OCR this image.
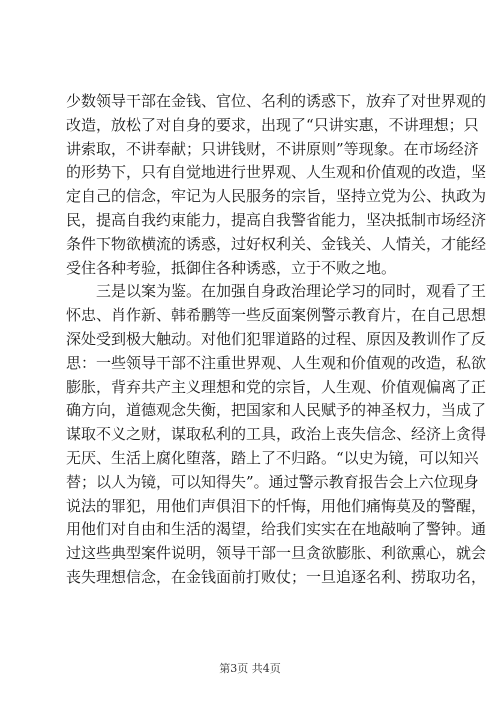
少数领导干部在金钱、官位、名利的诱惑下，放弃了对世界观的
改造，放松了对自身的要求，出现了“只讲实惠，不讲理想；只
讲索取，不讲奉献；只讲钱财，不讲原则”等现象。在市场经济
的形势下，只有自觉地进行世界观、人生观和价值观的改造，坚
定自己的信念，牢记为人民服务的宗旨，坚持立党为公、执政为
民，提高自我约束能力，提高自我警省能力，坚决抵制市场经济
条件下物欲横流的诱惑，过好权利关、金钱关、人情关，才能经
受住各种考验，抵御住各种诱惑，立于不败之地。

三是以案为鉴。在加强自身政治理论学习的同时，观看了王
怀忠、肖作新、韩希鹏等一些反面案例警示教育片，在自己思想
深处受到极大触动。对他们犯罪道路的过程、原因及教训作了反
思：一些领导干部不注重世界观、人生观和价值观的改造，私欲
膨胀，背弃共产主义理想和党的宗旨，人生观、价值观偏离了正
确方向，道德观念失衡，把国家和人民赋予的神圣权力，当成了
谋取不义之财，谋取私利的工具，政治上丧失信念、经济上贪得
无厌、生活上腐化堕落，踏上了不归路。“以史为镜，可以知兴
替；以人为镜，可以知得失”。通过警示教育报告会上六位现身
说法的罪犯，用他们声俱泪下的忏悔，用他们痛悔莫及的警醒，
用他们对自由和生活的渴望，给我们实实在在地敲响了警钟。通
过这些典型案件说明，领导干部一旦贪欲膨胀、利欲熏心，就会
丧失理想信念，在金钱面前打败仗；一旦追逐名利、捞取功名，

第3页 共4页
